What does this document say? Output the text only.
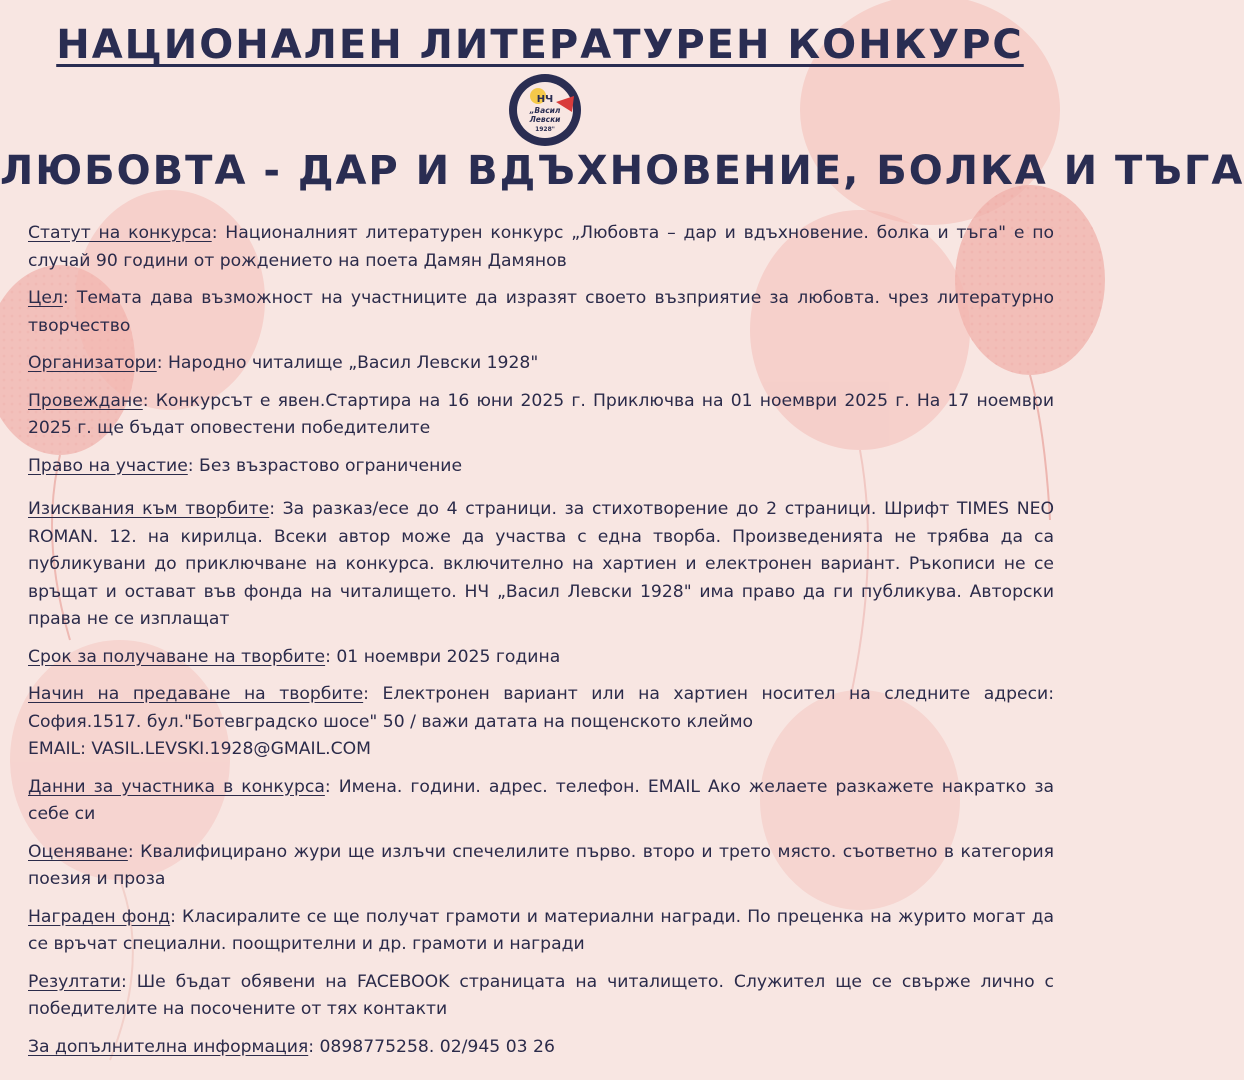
НАЦИОНАЛЕН ЛИТЕРАТУРЕН КОНКУРС
НЧ
„Васил
Левски
1928"
ЛЮБОВТА - ДАР И ВДЪХНОВЕНИЕ, БОЛКА И ТЪГА

Статут на конкурса: Националният литературен конкурс „Любовта – дар и вдъхновение. болка и тъга" е по случай 90 години от рождението на поета Дамян Дамянов

Цел: Темата дава възможност на участниците да изразят своето възприятие за любовта. чрез литературно творчество

Организатори: Народно читалище „Васил Левски 1928"

Провеждане: Конкурсът е явен.Стартира на 16 юни 2025 г. Приключва на 01 ноември 2025 г. На 17 ноември 2025 г. ще бъдат оповестени победителите

Право на участие: Без възрастово ограничение

Изисквания към творбите: За разказ/есе до 4 страници. за стихотворение до 2 страници. Шрифт TIMES NEO ROMAN. 12. на кирилца. Всеки автор може да участва с една творба. Произведенията не трябва да са публикувани до приключване на конкурса. включително на хартиен и електронен вариант. Ръкописи не се връщат и остават във фонда на читалището. НЧ „Васил Левски 1928" има право да ги публикува. Авторски права не се изплащат

Срок за получаване на творбите: 01 ноември 2025 година

Начин на предаване на творбите: Електронен вариант или на хартиен носител на следните адреси: София.1517. бул."Ботевградско шосе" 50 / важи датата на пощенското клеймо
EMAIL: VASIL.LEVSKI.1928@GMAIL.COM

Данни за участника в конкурса: Имена. години. адрес. телефон. EMAIL Ако желаете разкажете накратко за себе си

Оценяване: Квалифицирано жури ще излъчи спечелилите първо. второ и трето място. съответно в категория поезия и проза

Награден фонд: Класиралите се ще получат грамоти и материални награди. По преценка на журито могат да се връчат специални. поощрителни и др. грамоти и награди

Резултати: Ше бъдат обявени на FACEBOOK страницата на читалището. Служител ще се свърже лично с победителите на посочените от тях контакти

За допълнителна информация: 0898775258. 02/945 03 26
